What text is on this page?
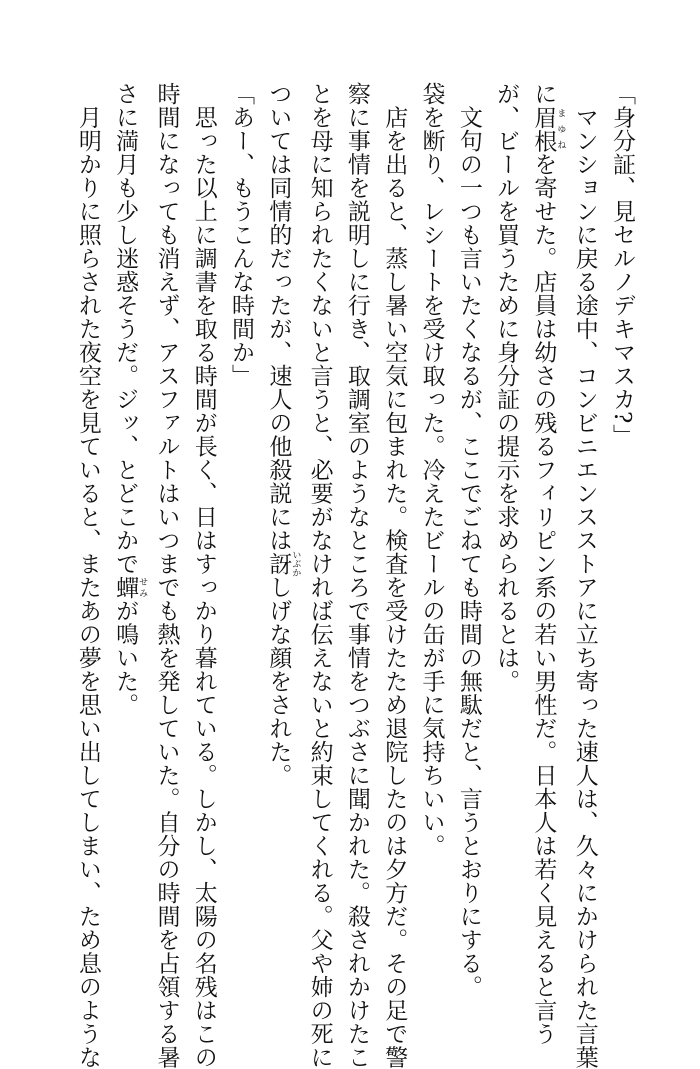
「身分証、見セルノデキマスカ?」
　マンションに戻る途中、コンビニエンスストアに立ち寄った速人は、久々にかけられた言葉
に眉根 まゆねを寄せた。店員は幼さの残るフィリピン系の若い男性だ。日本人は若く見えると言う
が、ビールを買うために身分証の提示を求められるとは。
　文句の一つも言いたくなるが、ここでごねても時間の無駄だと、言うとおりにする。
袋を断り、レシートを受け取った。冷えたビールの缶が手に気持ちいい。
　店を出ると、蒸し暑い空気に包まれた。検査を受けたため退院したのは夕方だ。その足で警
察に事情を説明しに行き、取調室のようなところで事情をつぶさに聞かれた。殺されかけたこ
とを母に知られたくないと言うと、必要がなければ伝えないと約束してくれる。父や姉の死に
ついては同情的だったが、速人の他殺説には訝 いぶかしげな顔をされた。
「あー、もうこんな時間か」
　思った以上に調書を取る時間が長く、日はすっかり暮れている。しかし、太陽の名残はこの
時間になっても消えず、アスファルトはいつまでも熱を発していた。自分の時間を占領する暑
さに満月も少し迷惑そうだ。ジッ、とどこかで蟬 せみが鳴いた。
　月明かりに照らされた夜空を見ていると、またあの夢を思い出してしまい、ため息のような
